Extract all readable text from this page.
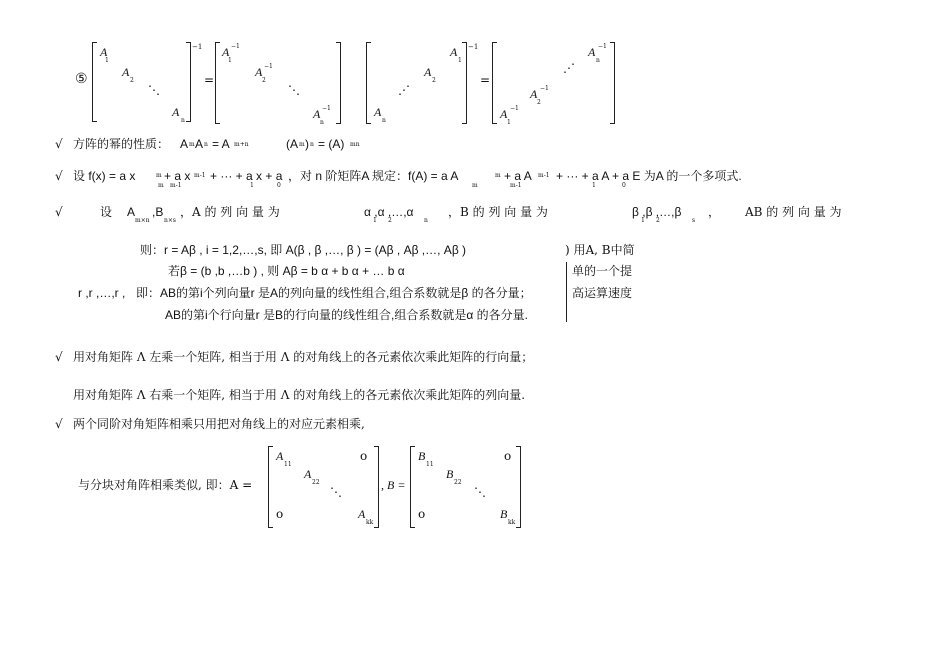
⑤
A
1
A
2
⋱
A
n
−1
=
A −1
1
A −1
2
⋱
A −1
n
A
1
A
2
⋰
A
n
−1
=
A −1
n
⋰
A −1
2
A −1
1
√ 方阵的幂的性质： A m A n = A m+n	(A m ) n = (A) mn
√ 设 f(x) = a x
m
m + a x
m-1
m-1 + ··· + a x + a
1	0
，对 n 阶矩阵A 规定：f(A) = a A
m
m + a A
m-1
m-1 + ··· + a A + a E 为A 的一个多项式.
1	0
√	设 A
m×n
,B
n×s
，A 的 列 向 量 为	α ,α ,…,α
1 2	n
，B 的 列 向 量 为	β ,β ,…,β
1 2	s
， AB 的 列 向 量 为
则：r = Aβ , i = 1,2,…,s, 即 A(β , β ,…, β ) = (Aβ , Aβ ,…, Aβ )	) 用A, B中简
若β = (b ,b ,…b ) , 则 Aβ = b α + b α + … b α	单的一个提
r ,r ,…,r , 即：AB的第i个列向量r 是A的列向量的线性组合,组合系数就是β 的各分量；	高运算速度
AB的第i个行向量r 是B的行向量的线性组合,组合系数就是α 的各分量.
√ 用对角矩阵 Λ 左乘一个矩阵, 相当于用 Λ 的对角线上的各元素依次乘此矩阵的行向量；
用对角矩阵 Λ 右乘一个矩阵, 相当于用 Λ 的对角线上的各元素依次乘此矩阵的列向量.
√ 两个同阶对角矩阵相乘只用把对角线上的对应元素相乘,
与分块对角阵相乘类似, 即：A =
A
11
A
22
⋱
A
kk
o
o
, B =
B
11
B
22
⋱
B
kk
o
o
